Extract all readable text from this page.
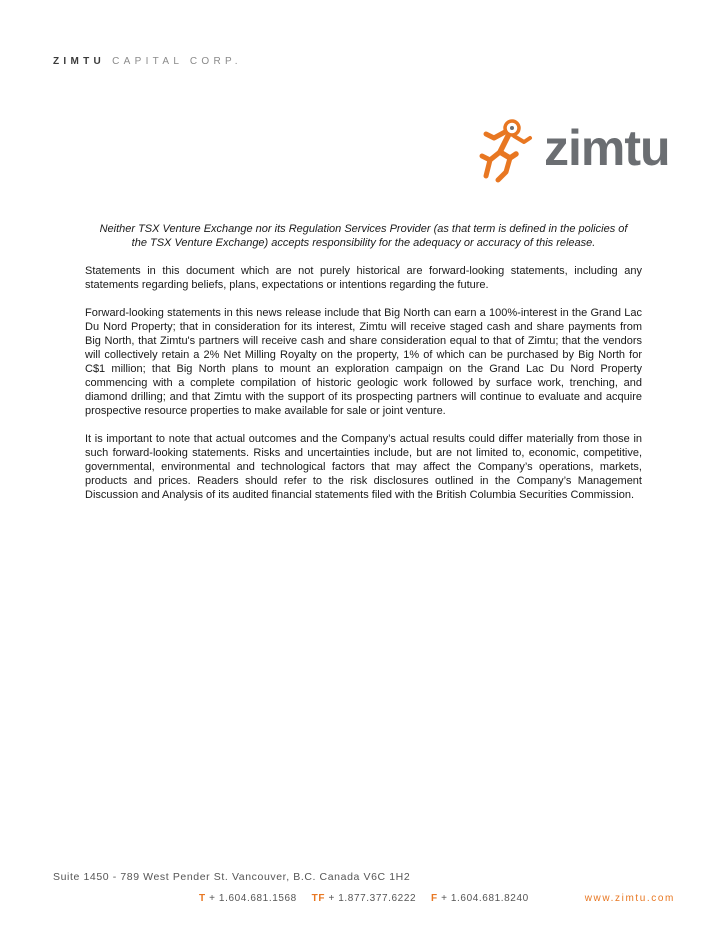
ZIMTU CAPITAL CORP.
zimtu

Neither TSX Venture Exchange nor its Regulation Services Provider (as that term is defined in the policies of the TSX Venture Exchange) accepts responsibility for the adequacy or accuracy of this release.

Statements in this document which are not purely historical are forward-looking statements, including any statements regarding beliefs, plans, expectations or intentions regarding the future.

Forward-looking statements in this news release include that Big North can earn a 100%-interest in the Grand Lac Du Nord Property; that in consideration for its interest, Zimtu will receive staged cash and share payments from Big North, that Zimtu's partners will receive cash and share consideration equal to that of Zimtu; that the vendors will collectively retain a 2% Net Milling Royalty on the property, 1% of which can be purchased by Big North for C$1 million; that Big North plans to mount an exploration campaign on the Grand Lac Du Nord Property commencing with a complete compilation of historic geologic work followed by surface work, trenching, and diamond drilling; and that Zimtu with the support of its prospecting partners will continue to evaluate and acquire prospective resource properties to make available for sale or joint venture.

It is important to note that actual outcomes and the Company’s actual results could differ materially from those in such forward-looking statements. Risks and uncertainties include, but are not limited to, economic, competitive, governmental, environmental and technological factors that may affect the Company’s operations, markets, products and prices. Readers should refer to the risk disclosures outlined in the Company’s Management Discussion and Analysis of its audited financial statements filed with the British Columbia Securities Commission.

Suite 1450 - 789 West Pender St. Vancouver, B.C. Canada V6C 1H2
T + 1.604.681.1568 TF + 1.877.377.6222 F + 1.604.681.8240	www.zimtu.com
